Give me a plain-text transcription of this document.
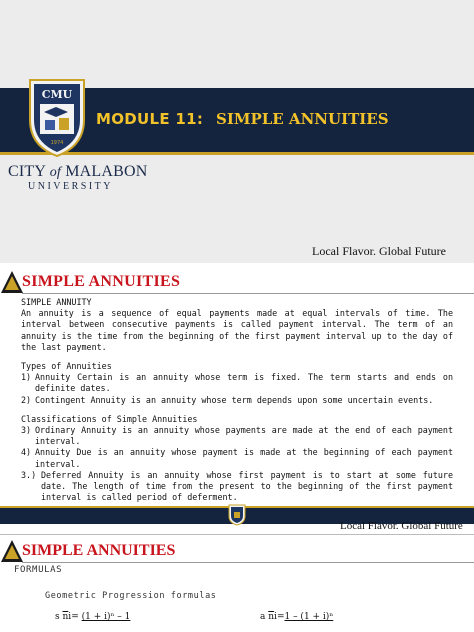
CMU
1974
MODULE 11: SIMPLE ANNUITIES
CITY of MALABON
UNIVERSITY
Local Flavor. Global Future
SIMPLE ANNUITIES
SIMPLE ANNUITY

An annuity is a sequence of equal payments made at equal intervals of time. The interval between consecutive payments is called payment interval. The term of an annuity is the time from the beginning of the first payment interval up to the day of the last payment.

Types of Annuities
1) Annuity Certain is an annuity whose term is fixed. The term starts and ends on definite dates.
2) Contingent Annuity is an annuity whose term depends upon some uncertain events.
Classifications of Simple Annuities
3) Ordinary Annuity is an annuity whose payments are made at the end of each payment interval.
4) Annuity Due is an annuity whose payment is made at the beginning of each payment interval.
3.) Deferred Annuity is an annuity whose first payment is to start at some future date. The length of time from the present to the beginning of the first payment interval is called period of deferment.
Local Flavor. Global Future
SIMPLE ANNUITIES
FORMULAS
Geometric Progression formulas
s $\overline{n}i= (1 + i)^n - 1$	a $\overline{n}i=1 - (1 + i)^n$
